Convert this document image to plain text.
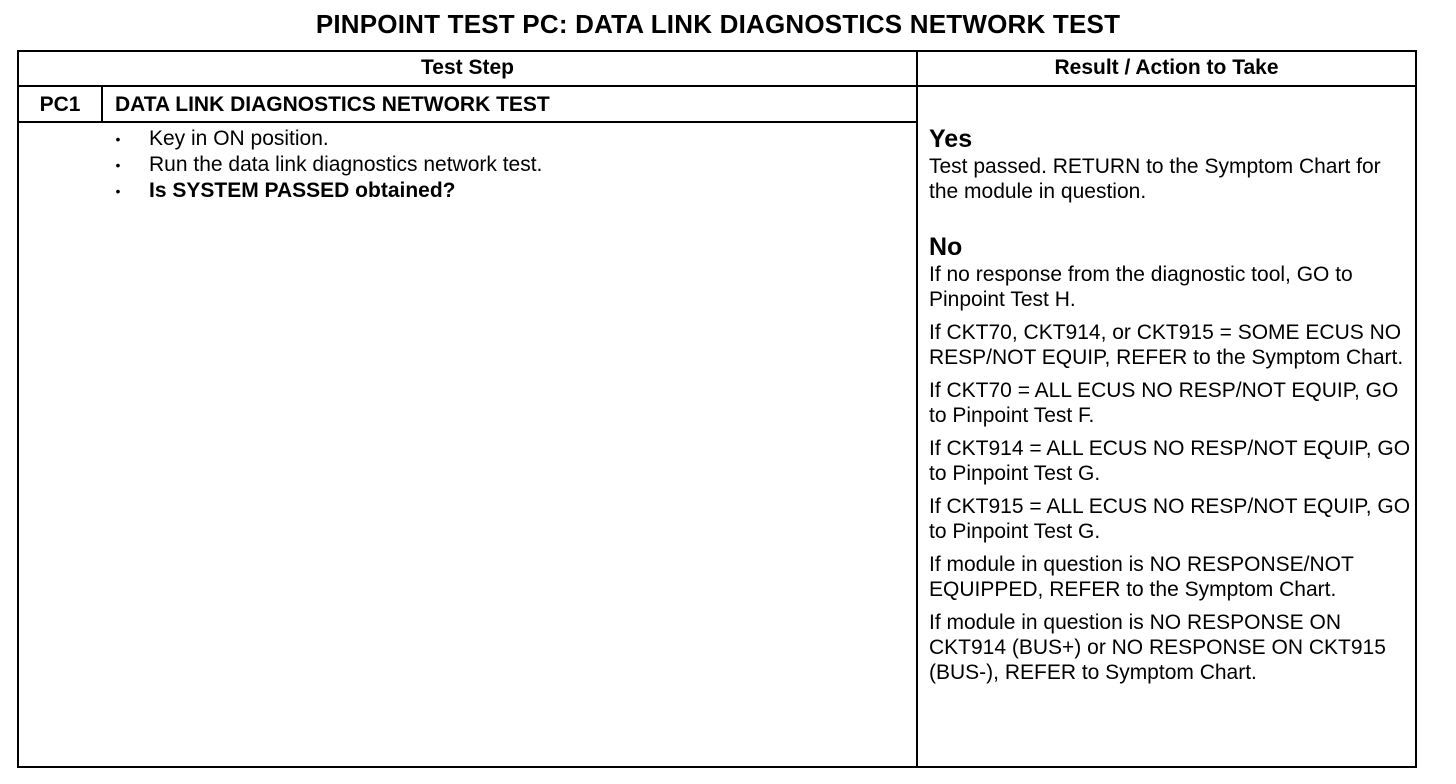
PINPOINT TEST PC: DATA LINK DIAGNOSTICS NETWORK TEST
Test Step	Result / Action to Take
PC1	DATA LINK DIAGNOSTICS NETWORK TEST
• Key in ON position.
• Run the data link diagnostics network test.
• Is SYSTEM PASSED obtained?
Yes
Test passed. RETURN to the Symptom Chart for the module in question.
No
If no response from the diagnostic tool, GO to Pinpoint Test H.
If CKT70, CKT914, or CKT915 = SOME ECUS NO RESP/NOT EQUIP, REFER to the Symptom Chart.
If CKT70 = ALL ECUS NO RESP/NOT EQUIP, GO to Pinpoint Test F.
If CKT914 = ALL ECUS NO RESP/NOT EQUIP, GO to Pinpoint Test G.
If CKT915 = ALL ECUS NO RESP/NOT EQUIP, GO to Pinpoint Test G.
If module in question is NO RESPONSE/NOT EQUIPPED, REFER to the Symptom Chart.
If module in question is NO RESPONSE ON CKT914 (BUS+) or NO RESPONSE ON CKT915 (BUS-), REFER to Symptom Chart.
